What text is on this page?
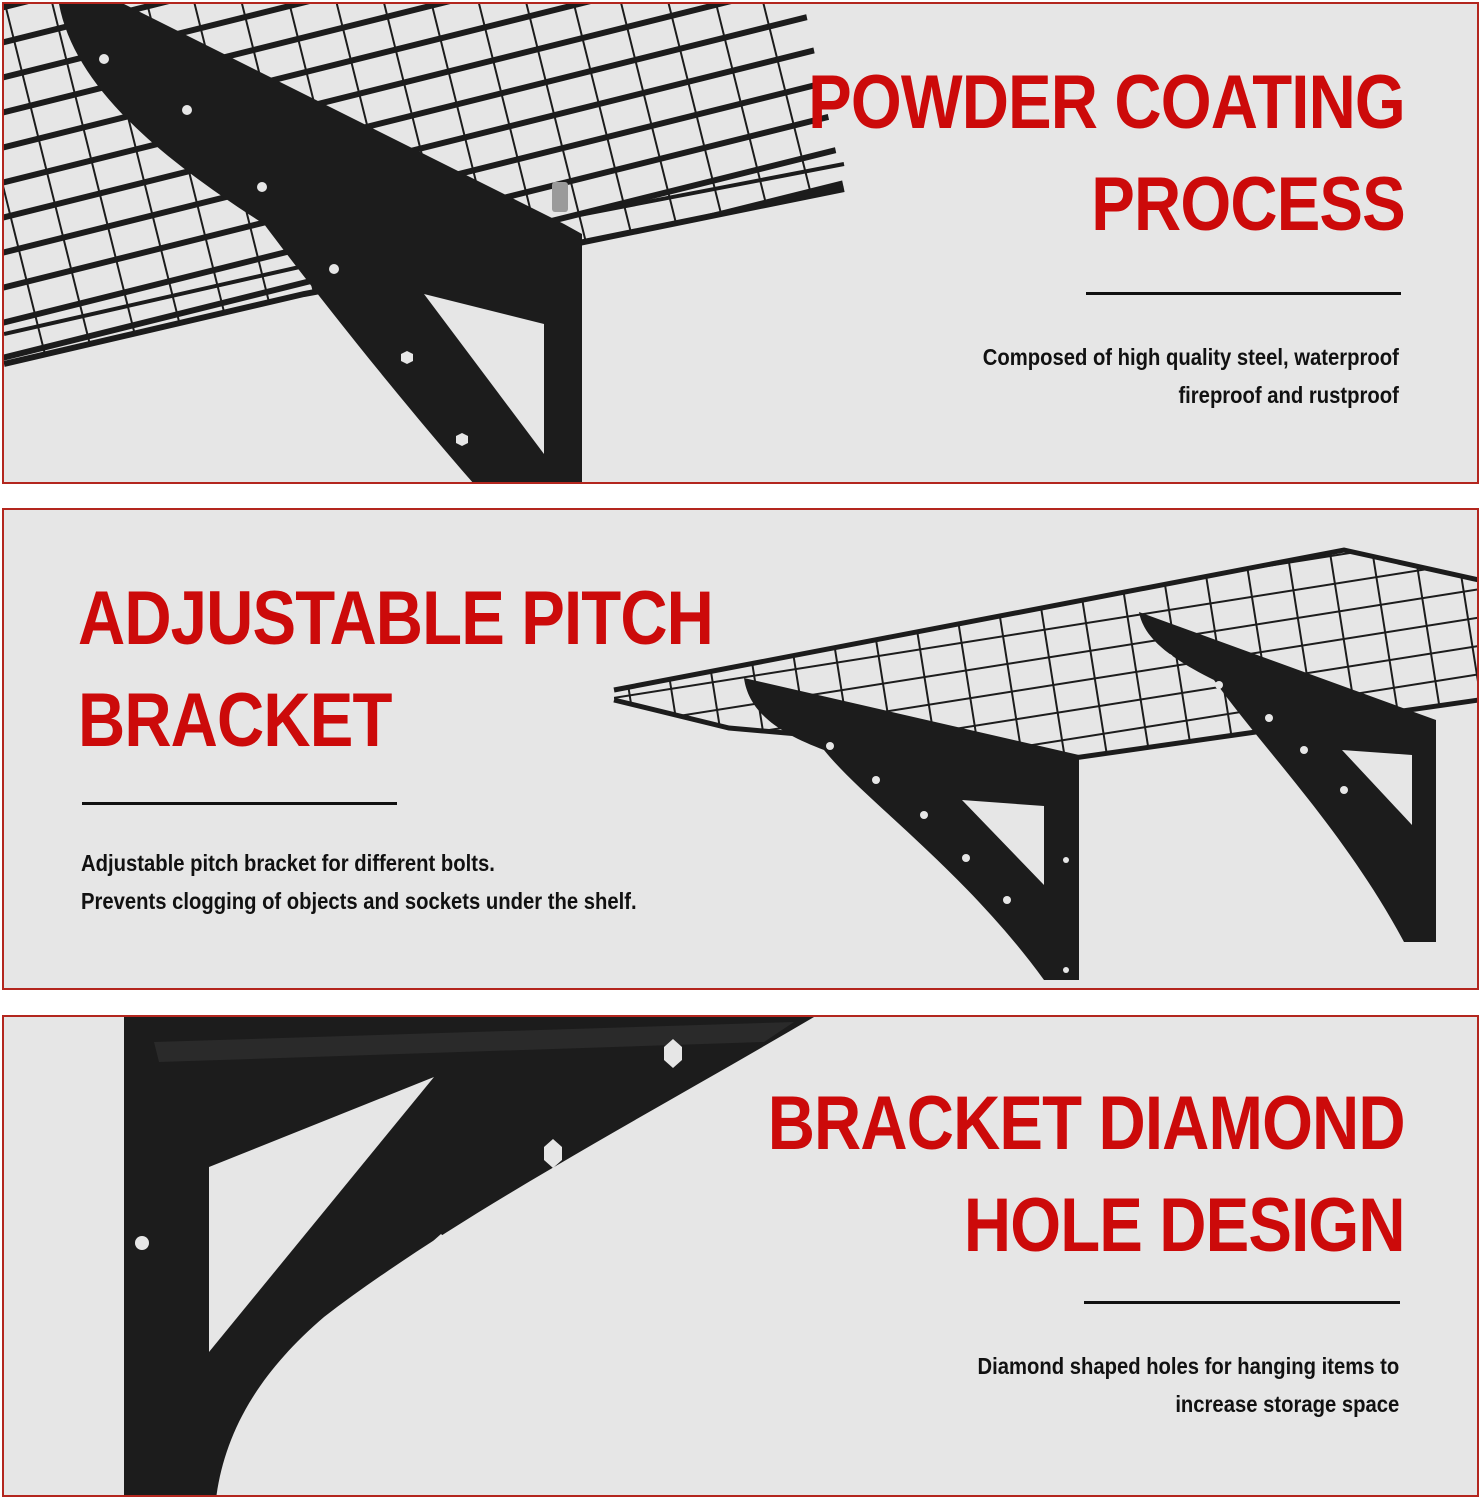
POWDER COATING
PROCESS
Composed of high quality steel, waterproof
fireproof and rustproof
ADJUSTABLE PITCH
BRACKET
Adjustable pitch bracket for different bolts.
Prevents clogging of objects and sockets under the shelf.
BRACKET DIAMOND
HOLE DESIGN
Diamond shaped holes for hanging items to
increase storage space
